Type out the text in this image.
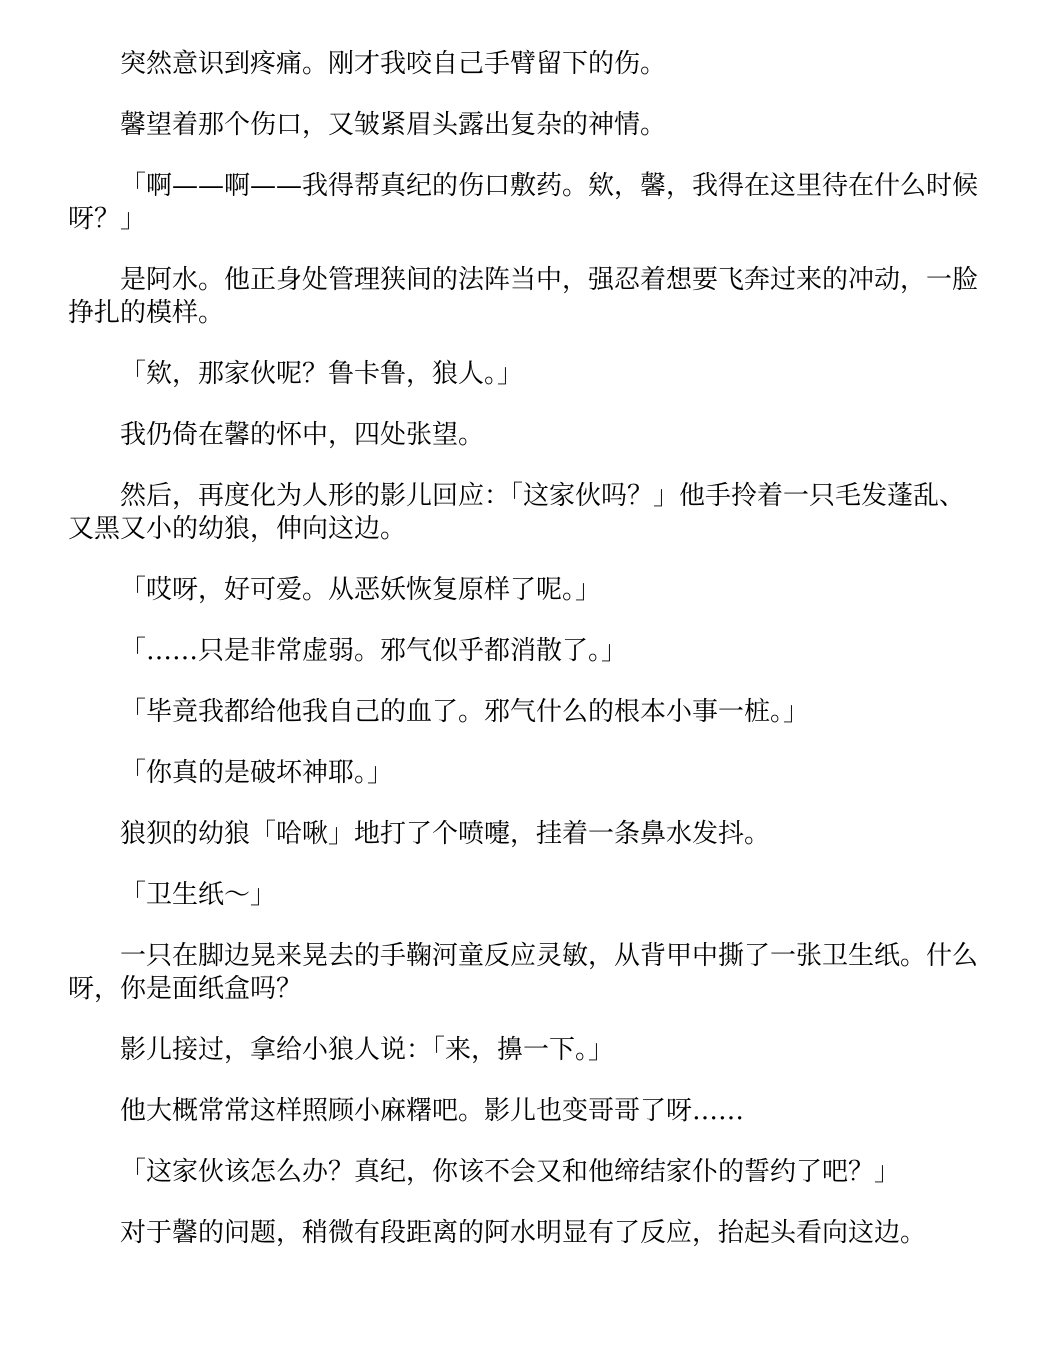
突然意识到疼痛。刚才我咬自己手臂留下的伤。

馨望着那个伤口，又皱紧眉头露出复杂的神情。

「啊——啊——我得帮真纪的伤口敷药。欸，馨，我得在这里待在什么时候呀？」

是阿水。他正身处管理狭间的法阵当中，强忍着想要飞奔过来的冲动，一脸挣扎的模样。

「欸，那家伙呢？鲁卡鲁，狼人。」

我仍倚在馨的怀中，四处张望。

然后，再度化为人形的影儿回应：「这家伙吗？」他手拎着一只毛发蓬乱、又黑又小的幼狼，伸向这边。

「哎呀，好可爱。从恶妖恢复原样了呢。」

「……只是非常虚弱。邪气似乎都消散了。」

「毕竟我都给他我自己的血了。邪气什么的根本小事一桩。」

「你真的是破坏神耶。」

狼狈的幼狼「哈啾」地打了个喷嚏，挂着一条鼻水发抖。

「卫生纸～」

一只在脚边晃来晃去的手鞠河童反应灵敏，从背甲中撕了一张卫生纸。什么呀，你是面纸盒吗？

影儿接过，拿给小狼人说：「来，擤一下。」

他大概常常这样照顾小麻糬吧。影儿也变哥哥了呀……

「这家伙该怎么办？真纪，你该不会又和他缔结家仆的誓约了吧？」

对于馨的问题，稍微有段距离的阿水明显有了反应，抬起头看向这边。
